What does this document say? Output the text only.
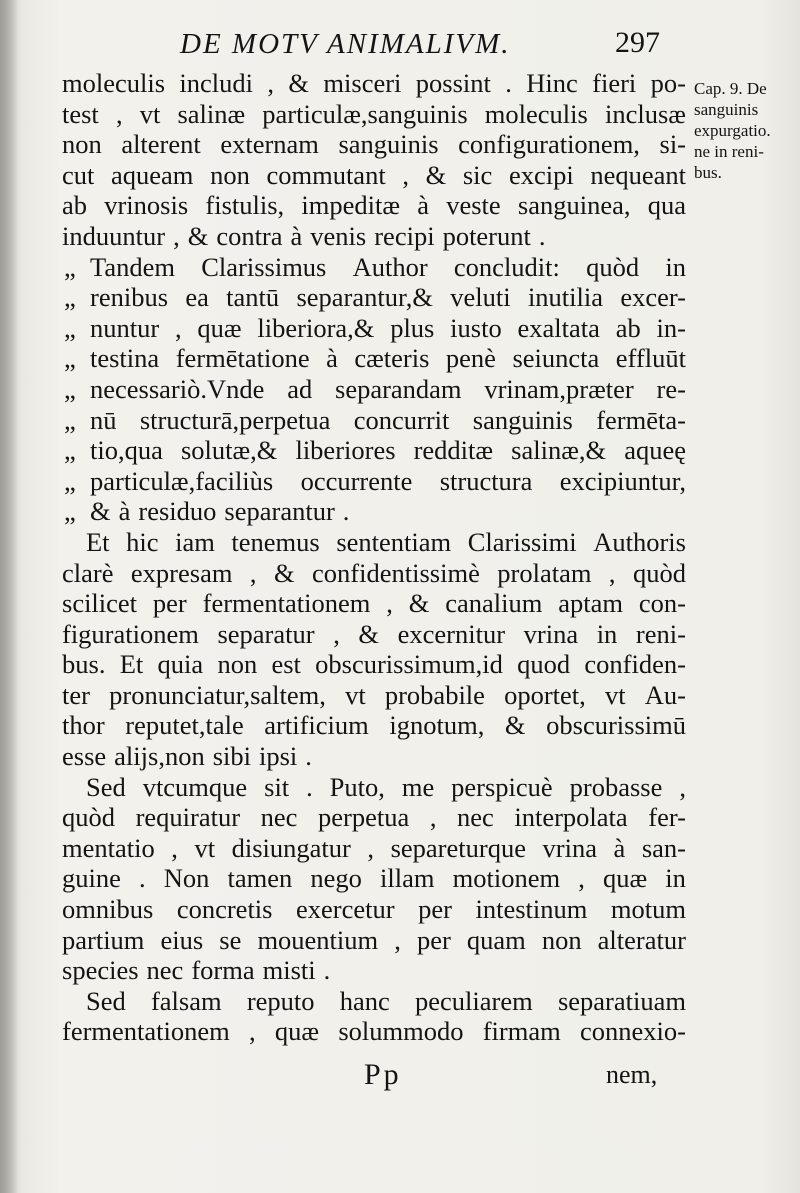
DE MOTV ANIMALIVM.	297
moleculis includi , & misceri possint . Hinc fieri po-
test , vt salinæ particulæ,sanguinis moleculis inclusæ
non alterent externam sanguinis configurationem, si-
cut aqueam non commutant , & sic excipi nequeant
ab vrinosis fistulis, impeditæ à veste sanguinea, qua
induuntur , & contra à venis recipi poterunt .
„ Tandem Clarissimus Author concludit: quòd in
„ renibus ea tantū separantur,& veluti inutilia excer-
„ nuntur , quæ liberiora,& plus iusto exaltata ab in-
„ testina fermētatione à cæteris penè seiuncta effluūt
„ necessariò.Vnde ad separandam vrinam,præter re-
„ nū structurā,perpetua concurrit sanguinis fermēta-
„ tio,qua solutæ,& liberiores redditæ salinæ,& aqueę
„ particulæ,faciliùs occurrente structura excipiuntur,
„ & à residuo separantur .
Et hic iam tenemus sententiam Clarissimi Authoris
clarè expresam , & confidentissimè prolatam , quòd
scilicet per fermentationem , & canalium aptam con-
figurationem separatur , & excernitur vrina in reni-
bus. Et quia non est obscurissimum,id quod confiden-
ter pronunciatur,saltem, vt probabile oportet, vt Au-
thor reputet,tale artificium ignotum, & obscurissimū
esse alijs,non sibi ipsi .
Sed vtcumque sit . Puto, me perspicuè probasse ,
quòd requiratur nec perpetua , nec interpolata fer-
mentatio , vt disiungatur , separeturque vrina à san-
guine . Non tamen nego illam motionem , quæ in
omnibus concretis exercetur per intestinum motum
partium eius se mouentium , per quam non alteratur
species nec forma misti .
Sed falsam reputo hanc peculiarem separatiuam
fermentationem , quæ solummodo firmam connexio-
Cap. 9. De
sanguinis
expurgatio.
ne in reni-
bus.
Pp	nem,
